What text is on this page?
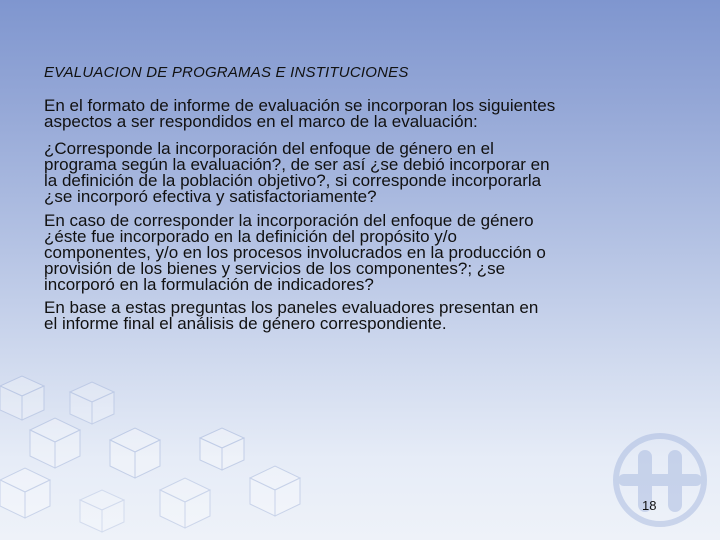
EVALUACION DE PROGRAMAS E INSTITUCIONES
En el formato de informe de evaluación se incorporan los siguientes
aspectos a ser respondidos en el marco de la evaluación:
¿Corresponde la incorporación del enfoque de género en el
programa según la evaluación?, de ser así ¿se debió incorporar en
la definición de la población objetivo?, si corresponde incorporarla
¿se incorporó efectiva y satisfactoriamente?
En caso de corresponder la incorporación del enfoque de género
¿éste fue incorporado en la definición del propósito y/o
componentes, y/o en los procesos involucrados en la producción o
provisión de los bienes y servicios de los componentes?; ¿se
incorporó en la formulación de indicadores?
En base a estas preguntas los paneles evaluadores presentan en
el informe final el análisis de género correspondiente.
18
